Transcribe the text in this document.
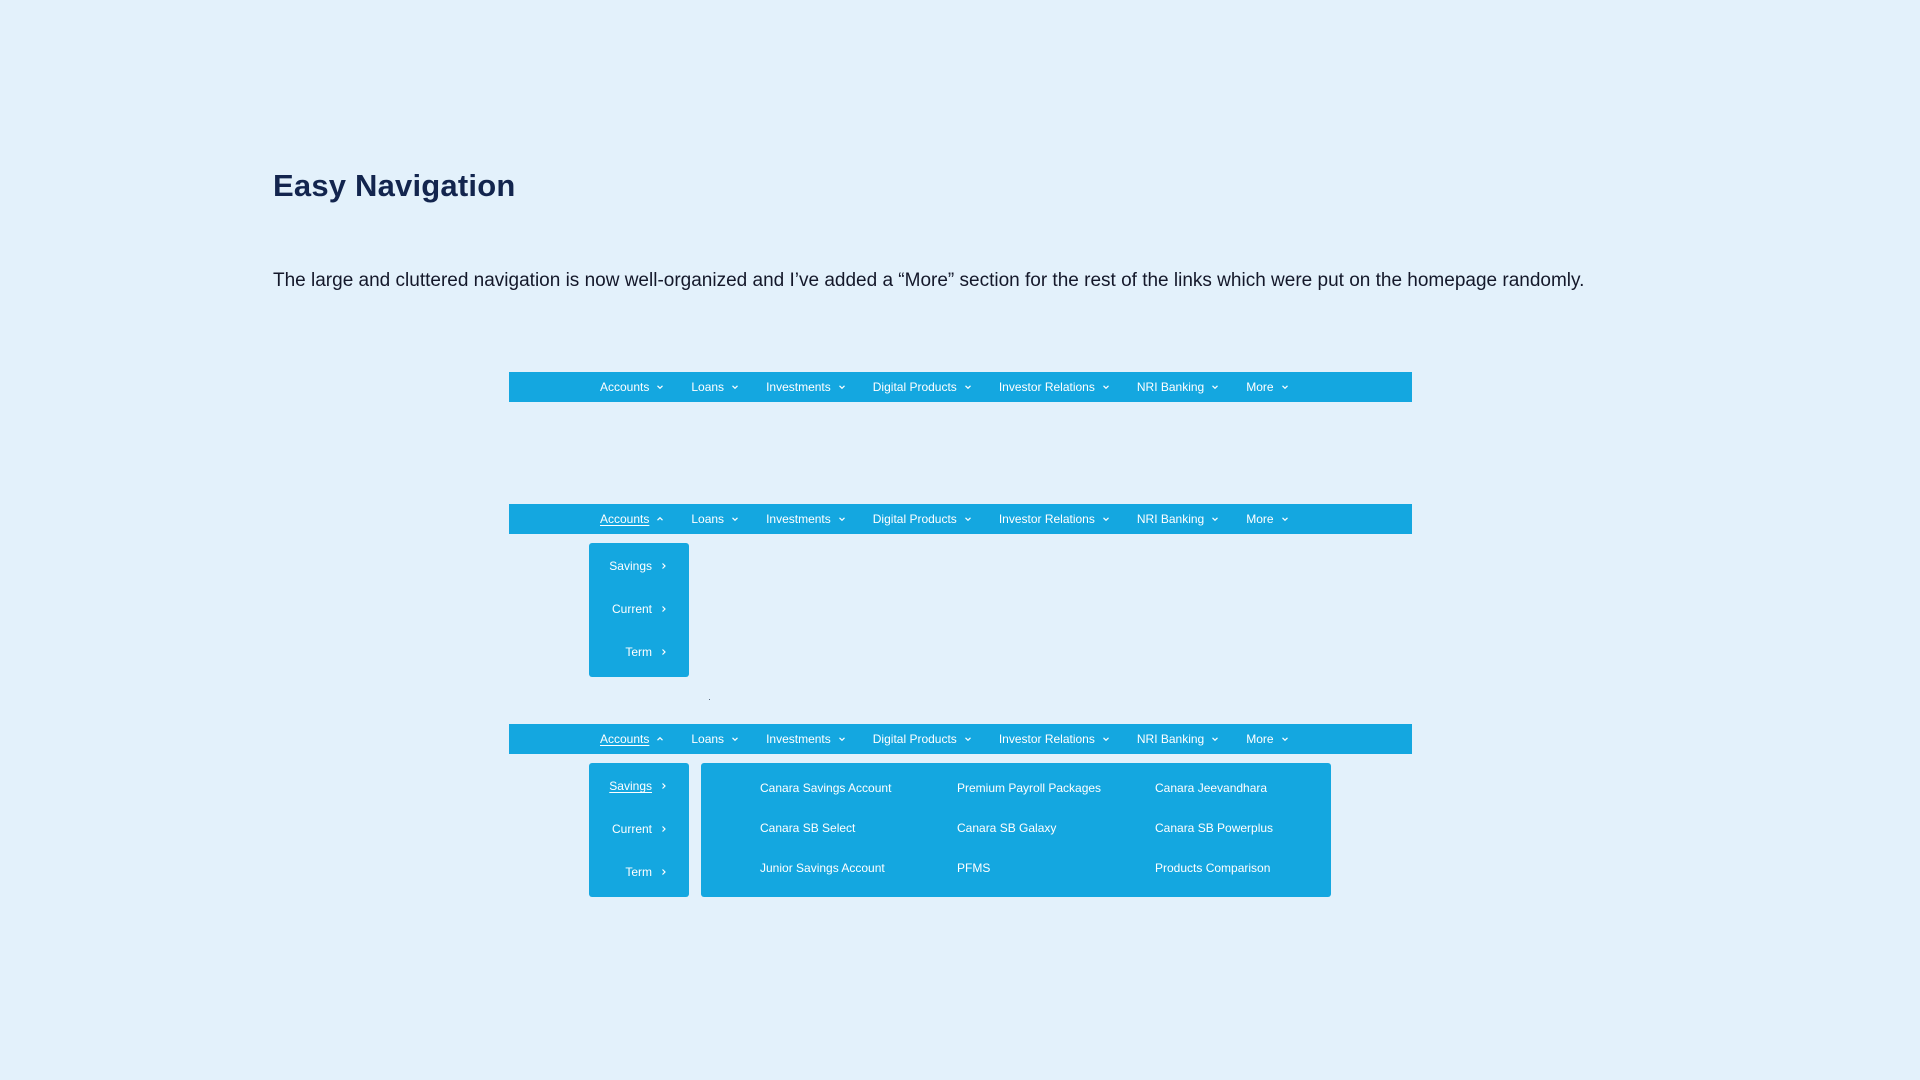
Easy Navigation

The large and cluttered navigation is now well-organized and I’ve added a “More” section for the rest of the links which were put on the homepage randomly.

Accounts	Loans	Investments	Digital Products	Investor Relations	NRI Banking	More
Accounts	Loans	Investments	Digital Products	Investor Relations	NRI Banking	More
Savings
Current
Term
Accounts	Loans	Investments	Digital Products	Investor Relations	NRI Banking	More
Savings
Current
Term
Canara Savings Account
Canara SB Select
Junior Savings Account
Premium Payroll Packages
Canara SB Galaxy
PFMS
Canara Jeevandhara
Canara SB Powerplus
Products Comparison
